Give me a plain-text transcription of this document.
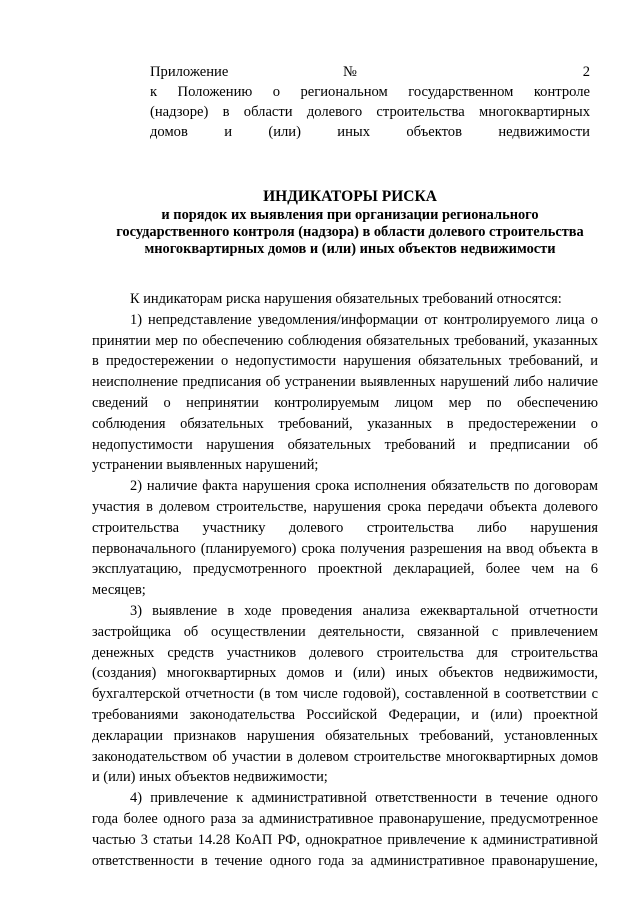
Приложение № 2
к Положению о региональном государственном контроле
(надзоре) в области долевого строительства многоквартирных
домов и (или) иных объектов недвижимости
ИНДИКАТОРЫ РИСКА
и порядок их выявления при организации регионального
государственного контроля (надзора) в области долевого строительства
многоквартирных домов и (или) иных объектов недвижимости
К индикаторам риска нарушения обязательных требований относятся:
1) непредставление уведомления/информации от контролируемого лица о
принятии мер по обеспечению соблюдения обязательных требований, указанных
в предостережении о недопустимости нарушения обязательных требований, и
неисполнение предписания об устранении выявленных нарушений либо наличие
сведений о непринятии контролируемым лицом мер по обеспечению
соблюдения обязательных требований, указанных в предостережении о
недопустимости нарушения обязательных требований и предписании об
устранении выявленных нарушений;
2) наличие факта нарушения срока исполнения обязательств по договорам
участия в долевом строительстве, нарушения срока передачи объекта долевого
строительства участнику долевого строительства либо нарушения
первоначального (планируемого) срока получения разрешения на ввод объекта в
эксплуатацию, предусмотренного проектной декларацией, более чем на 6
месяцев;
3) выявление в ходе проведения анализа ежеквартальной отчетности
застройщика об осуществлении деятельности, связанной с привлечением
денежных средств участников долевого строительства для строительства
(создания) многоквартирных домов и (или) иных объектов недвижимости,
бухгалтерской отчетности (в том числе годовой), составленной в соответствии с
требованиями законодательства Российской Федерации, и (или) проектной
декларации признаков нарушения обязательных требований, установленных
законодательством об участии в долевом строительстве многоквартирных домов
и (или) иных объектов недвижимости;
4) привлечение к административной ответственности в течение одного
года более одного раза за административное правонарушение, предусмотренное
частью 3 статьи 14.28 КоАП РФ, однократное привлечение к административной
ответственности в течение одного года за административное правонарушение,
